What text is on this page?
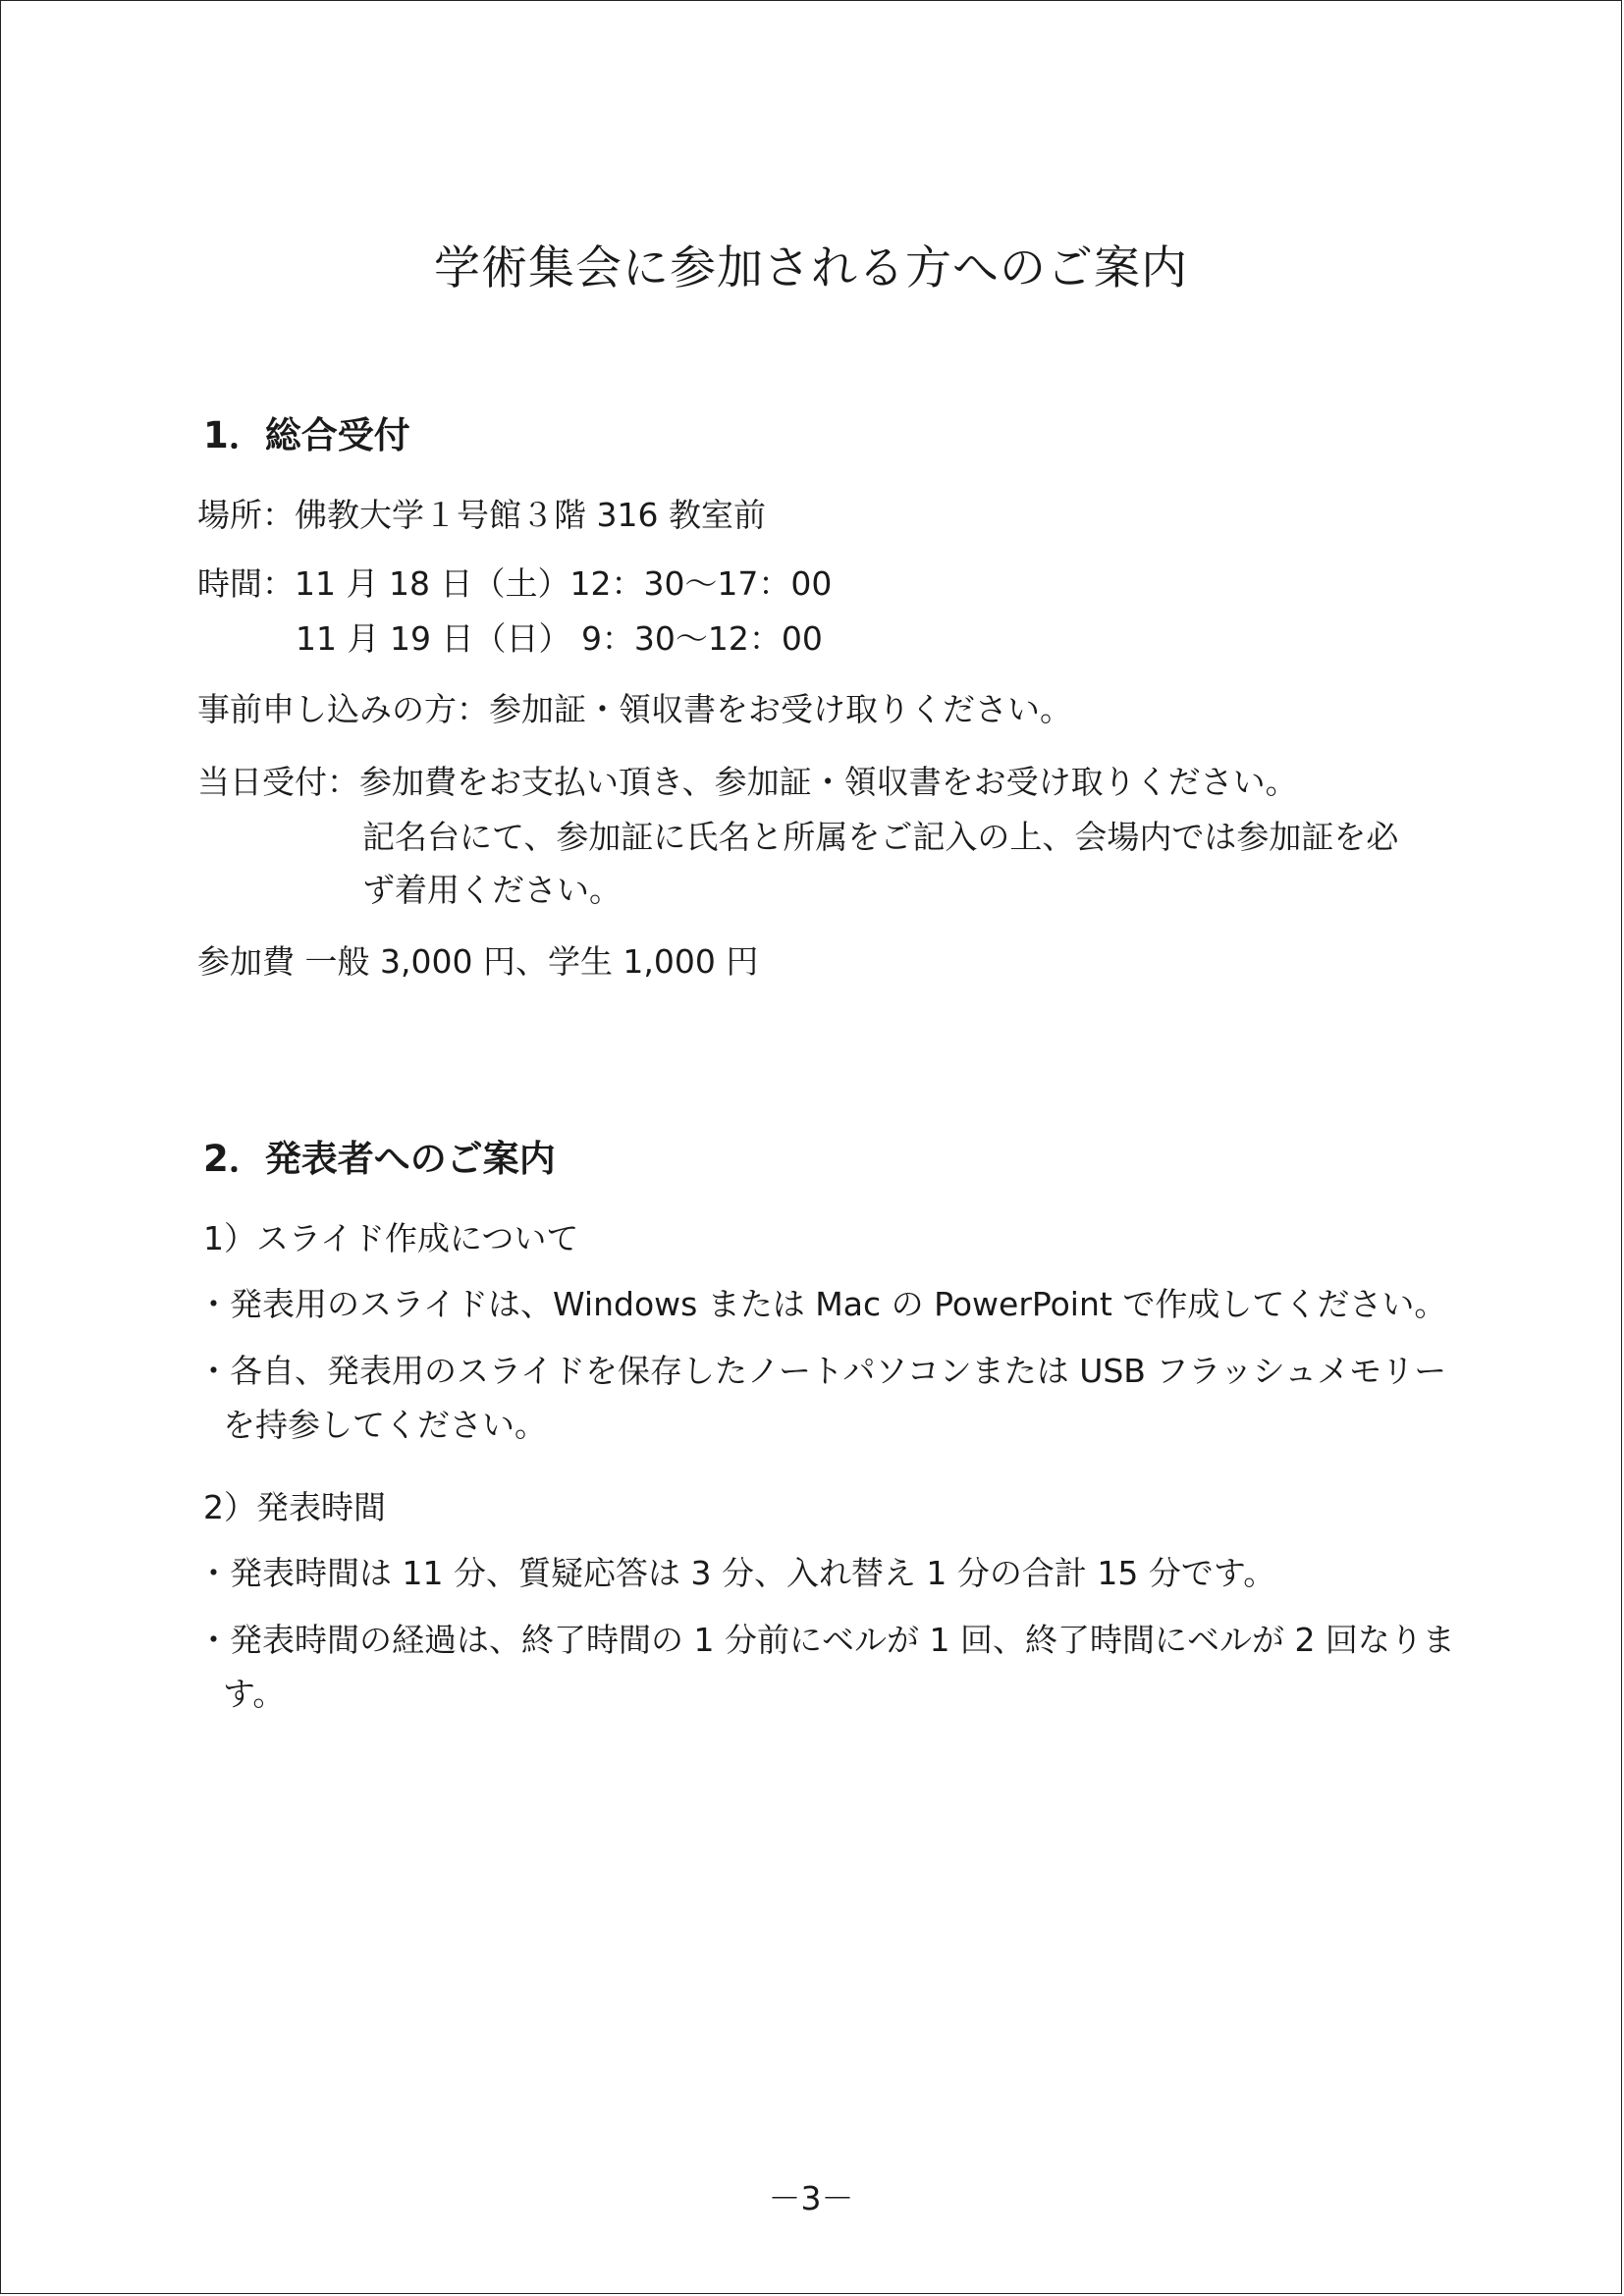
学術集会に参加される方へのご案内
1．総合受付
場所：佛教大学１号館３階 316 教室前
時間：11 月 18 日（土）12：30～17：00
11 月 19 日（日） 9：30～12：00
事前申し込みの方：参加証・領収書をお受け取りください。
当日受付：参加費をお支払い頂き、参加証・領収書をお受け取りください。
記名台にて、参加証に氏名と所属をご記入の上、会場内では参加証を必
ず着用ください。
参加費 一般 3,000 円、学生 1,000 円
2．発表者へのご案内
1）スライド作成について
・発表用のスライドは、Windows または Mac の PowerPoint で作成してください。
・各自、発表用のスライドを保存したノートパソコンまたは USB フラッシュメモリー
を持参してください。
2）発表時間
・発表時間は 11 分、質疑応答は 3 分、入れ替え 1 分の合計 15 分です。
・発表時間の経過は、終了時間の 1 分前にベルが 1 回、終了時間にベルが 2 回なりま
す。
－3－
